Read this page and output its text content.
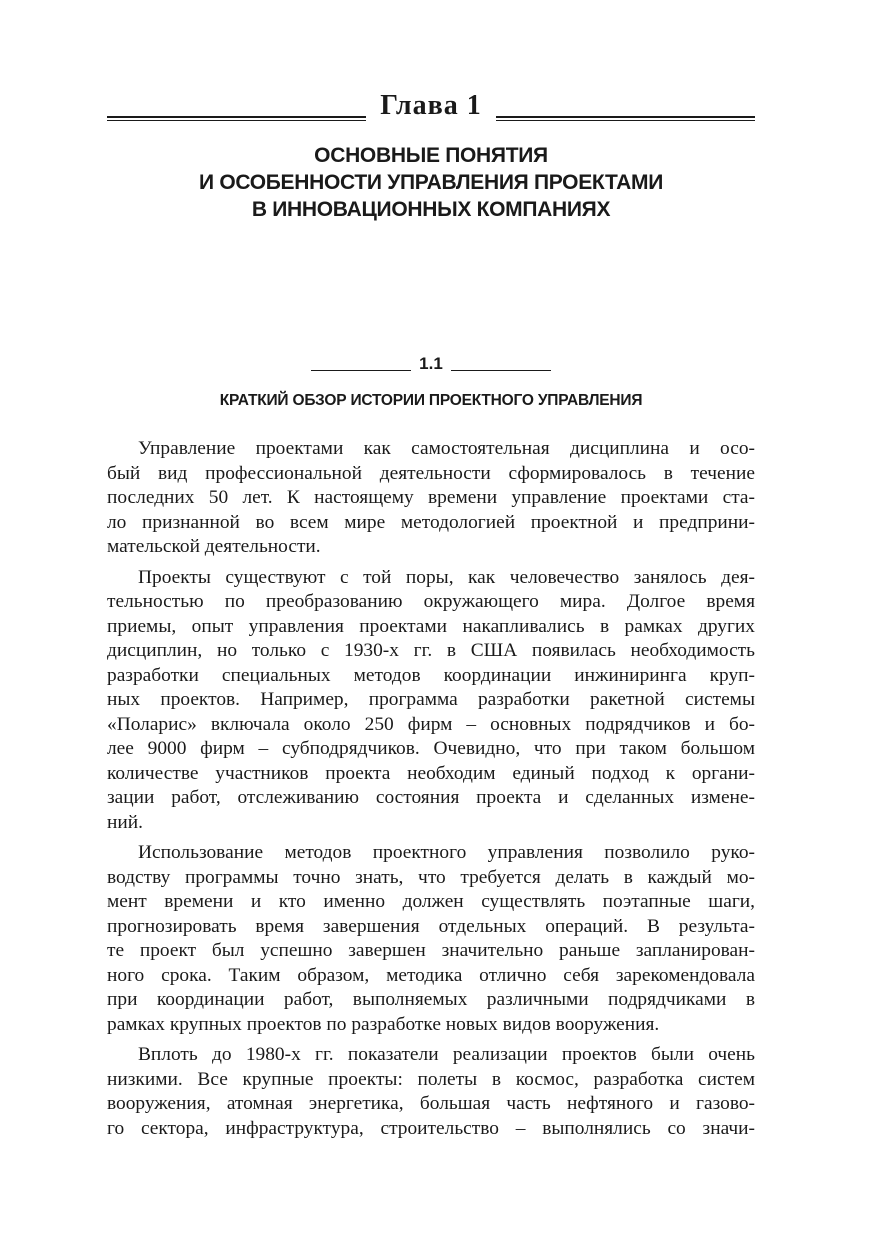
Глава 1
ОСНОВНЫЕ ПОНЯТИЯ
И ОСОБЕННОСТИ УПРАВЛЕНИЯ ПРОЕКТАМИ
В ИННОВАЦИОННЫХ КОМПАНИЯХ
1.1
КРАТКИЙ ОБЗОР ИСТОРИИ ПРОЕКТНОГО УПРАВЛЕНИЯ
Управление проектами как самостоятельная дисциплина и осо-
бый вид профессиональной деятельности сформировалось в течение
последних 50 лет. К настоящему времени управление проектами ста-
ло признанной во всем мире методологией проектной и предприни-
мательской деятельности.
Проекты существуют с той поры, как человечество занялось дея-
тельностью по преобразованию окружающего мира. Долгое время
приемы, опыт управления проектами накапливались в рамках других
дисциплин, но только с 1930-х гг. в США появилась необходимость
разработки специальных методов координации инжиниринга круп-
ных проектов. Например, программа разработки ракетной системы
«Поларис» включала около 250 фирм – основных подрядчиков и бо-
лее 9000 фирм – субподрядчиков. Очевидно, что при таком большом
количестве участников проекта необходим единый подход к органи-
зации работ, отслеживанию состояния проекта и сделанных измене-
ний.
Использование методов проектного управления позволило руко-
водству программы точно знать, что требуется делать в каждый мо-
мент времени и кто именно должен существлять поэтапные шаги,
прогнозировать время завершения отдельных операций. В результа-
те проект был успешно завершен значительно раньше запланирован-
ного срока. Таким образом, методика отлично себя зарекомендовала
при координации работ, выполняемых различными подрядчиками в
рамках крупных проектов по разработке новых видов вооружения.
Вплоть до 1980-х гг. показатели реализации проектов были очень
низкими. Все крупные проекты: полеты в космос, разработка систем
вооружения, атомная энергетика, большая часть нефтяного и газово-
го сектора, инфраструктура, строительство – выполнялись со значи-
